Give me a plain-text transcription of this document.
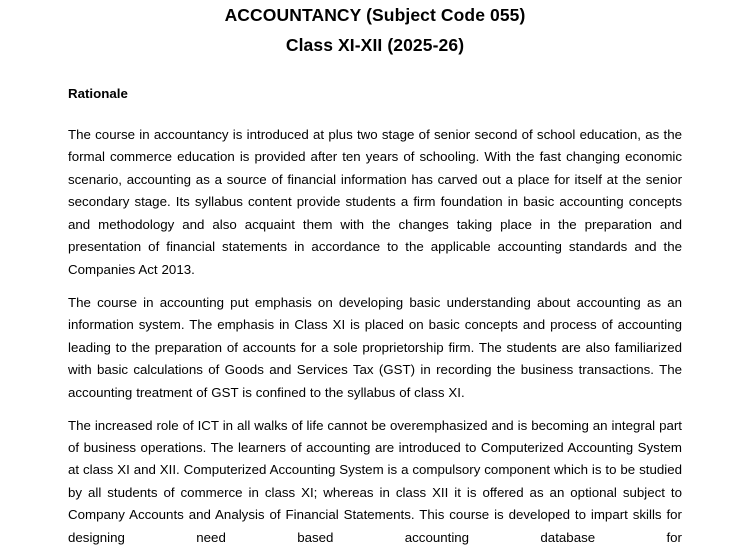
ACCOUNTANCY (Subject Code 055)
Class XI-XII (2025-26)
Rationale

The course in accountancy is introduced at plus two stage of senior second of school education, as the formal commerce education is provided after ten years of schooling. With the fast changing economic scenario, accounting as a source of financial information has carved out a place for itself at the senior secondary stage. Its syllabus content provide students a firm foundation in basic accounting concepts and methodology and also acquaint them with the changes taking place in the preparation and presentation of financial statements in accordance to the applicable accounting standards and the Companies Act 2013.

The course in accounting put emphasis on developing basic understanding about accounting as an information system. The emphasis in Class XI is placed on basic concepts and process of accounting leading to the preparation of accounts for a sole proprietorship firm. The students are also familiarized with basic calculations of Goods and Services Tax (GST) in recording the business transactions. The accounting treatment of GST is confined to the syllabus of class XI.

The increased role of ICT in all walks of life cannot be overemphasized and is becoming an integral part of business operations. The learners of accounting are introduced to Computerized Accounting System at class XI and XII. Computerized Accounting System is a compulsory component which is to be studied by all students of commerce in class XI; whereas in class XII it is offered as an optional subject to Company Accounts and Analysis of Financial Statements. This course is developed to impart skills for designing need based accounting database for
